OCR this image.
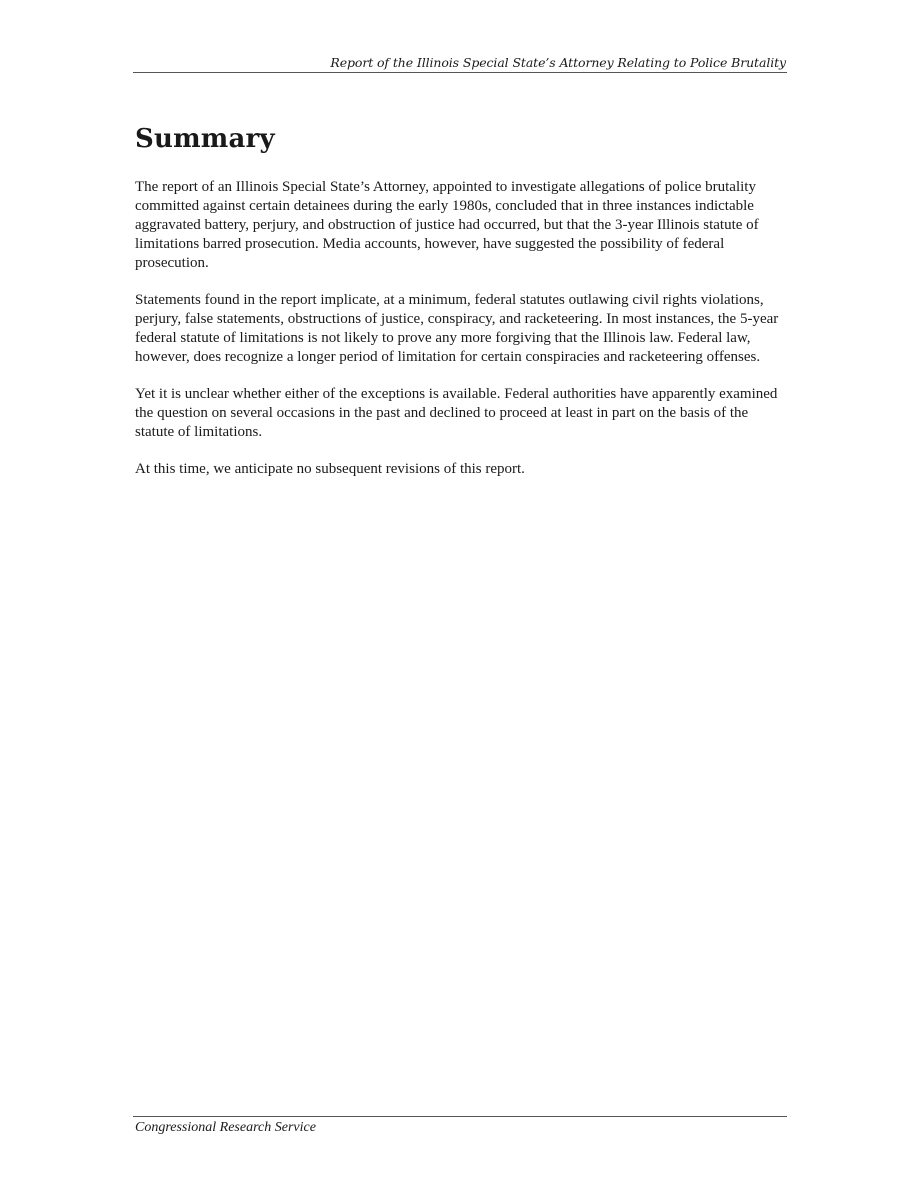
Report of the Illinois Special State’s Attorney Relating to Police Brutality
Summary

The report of an Illinois Special State’s Attorney, appointed to investigate allegations of police brutality committed against certain detainees during the early 1980s, concluded that in three instances indictable aggravated battery, perjury, and obstruction of justice had occurred, but that the 3-year Illinois statute of limitations barred prosecution. Media accounts, however, have suggested the possibility of federal prosecution.

Statements found in the report implicate, at a minimum, federal statutes outlawing civil rights violations, perjury, false statements, obstructions of justice, conspiracy, and racketeering. In most instances, the 5-year federal statute of limitations is not likely to prove any more forgiving that the Illinois law. Federal law, however, does recognize a longer period of limitation for certain conspiracies and racketeering offenses.

Yet it is unclear whether either of the exceptions is available. Federal authorities have apparently examined the question on several occasions in the past and declined to proceed at least in part on the basis of the statute of limitations.

At this time, we anticipate no subsequent revisions of this report.

Congressional Research Service
